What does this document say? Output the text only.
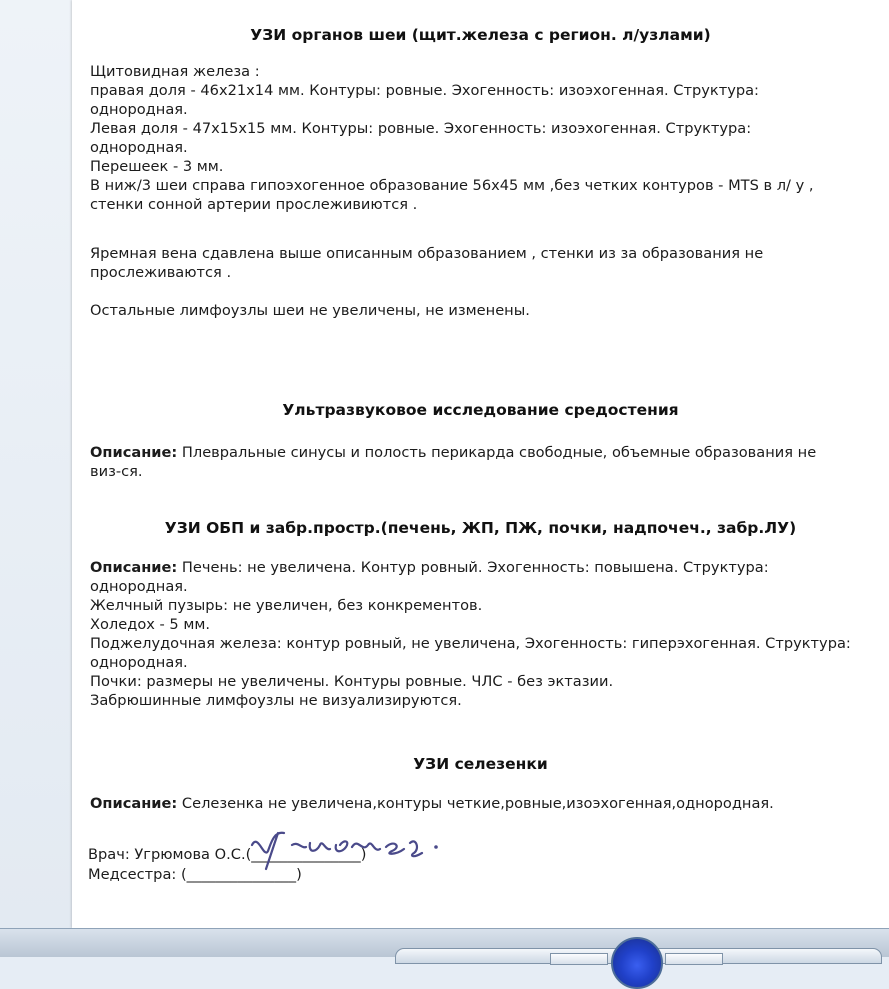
УЗИ органов шеи (щит.железа с регион. л/узлами)

Щитовидная железа :

правая доля - 46x21x14 мм. Контуры: ровные. Эхогенность: изоэхогенная. Структура:

однородная.

Левая доля - 47x15x15 мм. Контуры: ровные. Эхогенность: изоэхогенная. Структура:

однородная.

Перешеек - 3 мм.

В ниж/3 шеи справа гипоэхогенное образование 56x45 мм ,без четких контуров - MTS в л/ у ,

стенки сонной артерии прослеживиются .

Яремная вена сдавлена выше описанным образованием , стенки из за образования не

прослеживаются .

Остальные лимфоузлы шеи не увеличены, не изменены.
Ультразвуковое исследование средостения

Описание: Плевральные синусы и полость перикарда свободные, объемные образования не

виз-ся.

УЗИ ОБП и забр.простр.(печень, ЖП, ПЖ, почки, надпочеч., забр.ЛУ)

Описание: Печень: не увеличена. Контур ровный. Эхогенность: повышена. Структура:

однородная.

Желчный пузырь: не увеличен, без конкрементов.

Холедох - 5 мм.

Поджелудочная железа: контур ровный, не увеличена, Эхогенность: гиперэхогенная. Структура:

однородная.

Почки: размеры не увеличены. Контуры ровные. ЧЛС - без эктазии.

Забрюшинные лимфоузлы не визуализируются.

УЗИ селезенки

Описание: Селезенка не увеличена,контуры четкие,ровные,изоэхогенная,однородная.

Врач: Угрюмова О.С.(_______________)

Медсестра: (_______________)
